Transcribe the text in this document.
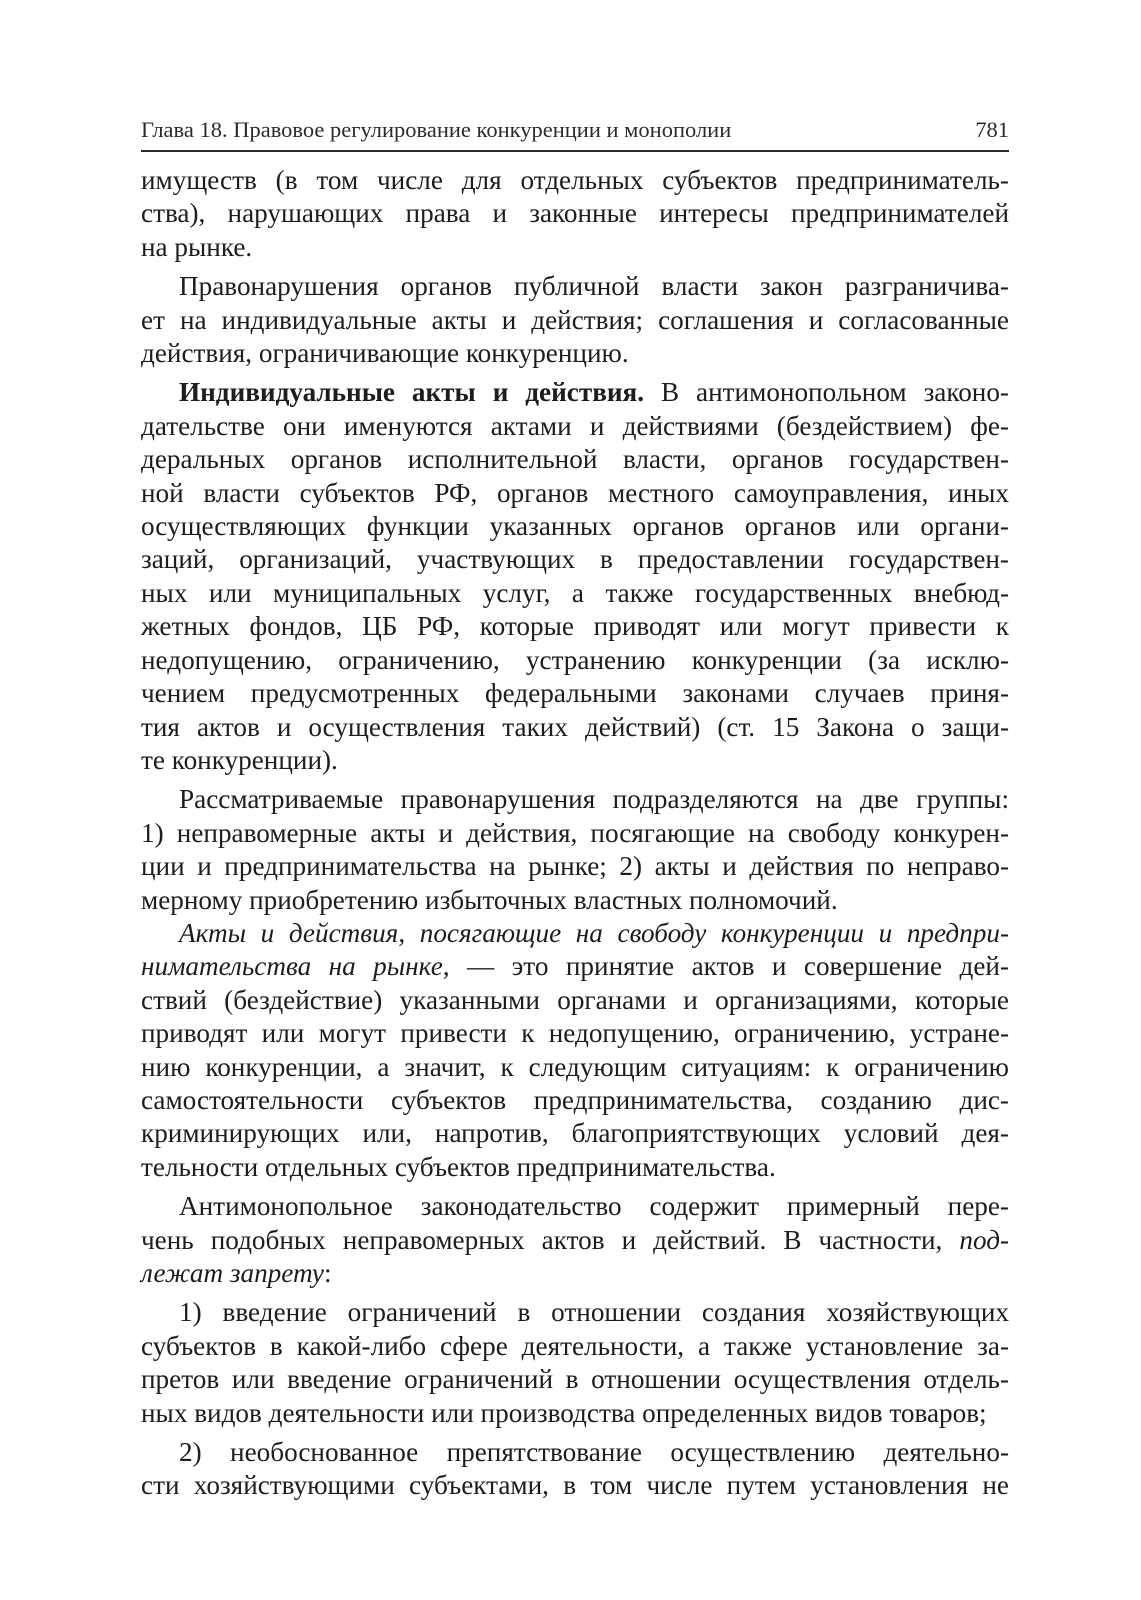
Глава 18. Правовое регулирование конкуренции и монополии	781
имуществ (в том числе для отдельных субъектов предприниматель-
ства), нарушающих права и законные интересы предпринимателей
на рынке.
Правонарушения органов публичной власти закон разграничива-
ет на индивидуальные акты и действия; соглашения и согласованные
действия, ограничивающие конкуренцию.
Индивидуальные акты и действия. В антимонопольном законо-
дательстве они именуются актами и действиями (бездействием) фе-
деральных органов исполнительной власти, органов государствен-
ной власти субъектов РФ, органов местного самоуправления, иных
осуществляющих функции указанных органов органов или органи-
заций, организаций, участвующих в предоставлении государствен-
ных или муниципальных услуг, а также государственных внебюд-
жетных фондов, ЦБ РФ, которые приводят или могут привести к
недопущению, ограничению, устранению конкуренции (за исклю-
чением предусмотренных федеральными законами случаев приня-
тия актов и осуществления таких действий) (ст. 15 Закона о защи-
те конкуренции).
Рассматриваемые правонарушения подразделяются на две группы:
1) неправомерные акты и действия, посягающие на свободу конкурен-
ции и предпринимательства на рынке; 2) акты и действия по неправо-
мерному приобретению избыточных властных полномочий.
Акты и действия, посягающие на свободу конкуренции и предпри-
нимательства на рынке, — это принятие актов и совершение дей-
ствий (бездействие) указанными органами и организациями, которые
приводят или могут привести к недопущению, ограничению, устране-
нию конкуренции, а значит, к следующим ситуациям: к ограничению
самостоятельности субъектов предпринимательства, созданию дис-
криминирующих или, напротив, благоприятствующих условий дея-
тельности отдельных субъектов предпринимательства.
Антимонопольное законодательство содержит примерный пере-
чень подобных неправомерных актов и действий. В частности, под-
лежат запрету:
1) введение ограничений в отношении создания хозяйствующих
субъектов в какой-либо сфере деятельности, а также установление за-
претов или введение ограничений в отношении осуществления отдель-
ных видов деятельности или производства определенных видов товаров;
2) необоснованное препятствование осуществлению деятельно-
сти хозяйствующими субъектами, в том числе путем установления не
